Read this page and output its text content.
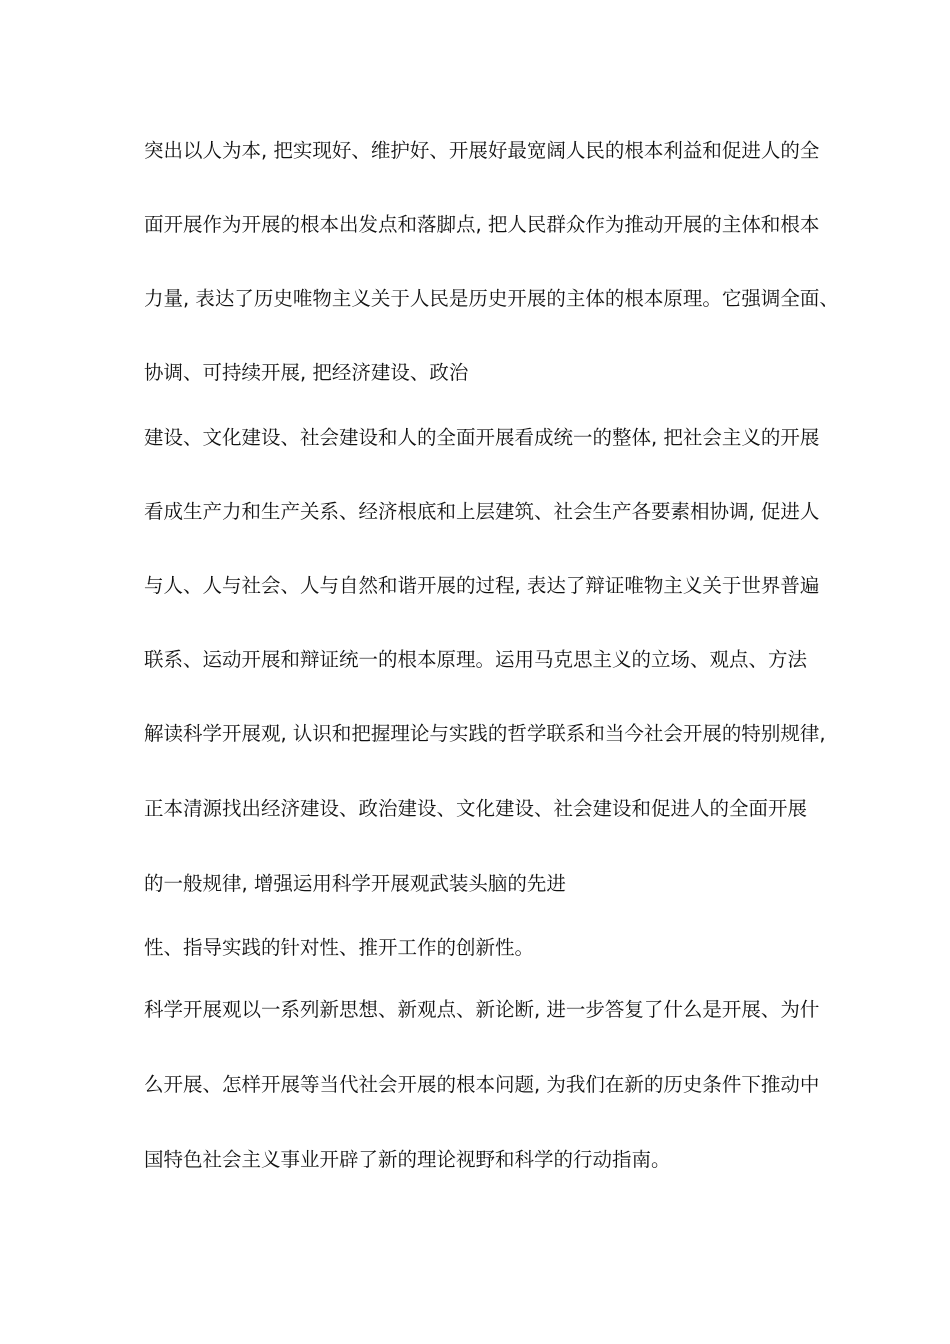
突出以人为本, 把实现好、维护好、开展好最宽阔人民的根本利益和促进人的全
面开展作为开展的根本出发点和落脚点, 把人民群众作为推动开展的主体和根本
力量, 表达了历史唯物主义关于人民是历史开展的主体的根本原理。它强调全面、
协调、可持续开展, 把经济建设、政治
建设、文化建设、社会建设和人的全面开展看成统一的整体, 把社会主义的开展
看成生产力和生产关系、经济根底和上层建筑、社会生产各要素相协调, 促进人
与人、人与社会、人与自然和谐开展的过程, 表达了辩证唯物主义关于世界普遍
联系、运动开展和辩证统一的根本原理。运用马克思主义的立场、观点、方法
解读科学开展观, 认识和把握理论与实践的哲学联系和当今社会开展的特别规律,
正本清源找出经济建设、政治建设、文化建设、社会建设和促进人的全面开展
的一般规律, 增强运用科学开展观武装头脑的先进
性、指导实践的针对性、推开工作的创新性。
科学开展观以一系列新思想、新观点、新论断, 进一步答复了什么是开展、为什
么开展、怎样开展等当代社会开展的根本问题, 为我们在新的历史条件下推动中
国特色社会主义事业开辟了新的理论视野和科学的行动指南。
